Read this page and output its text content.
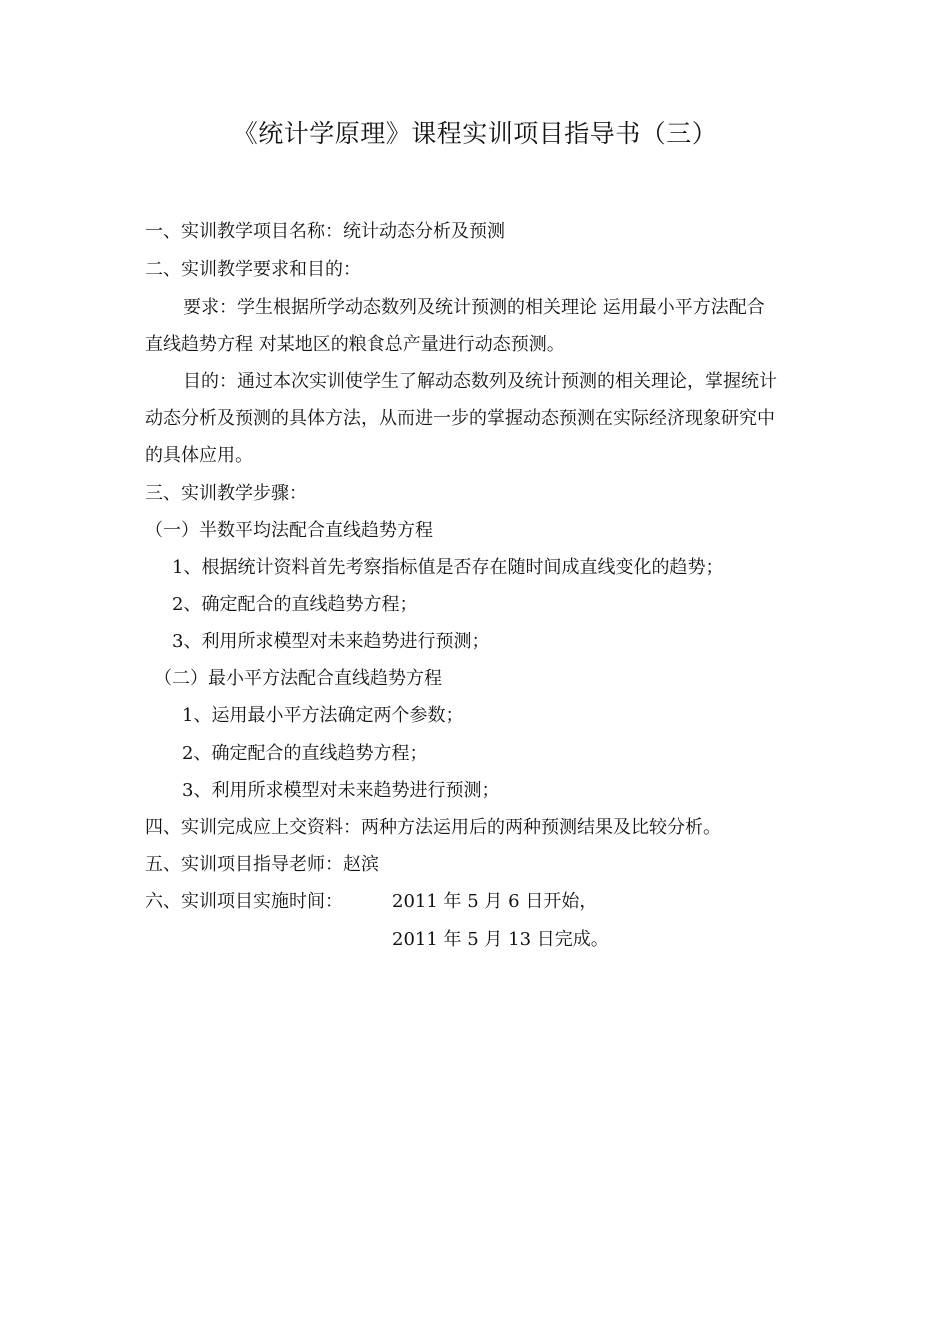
《统计学原理》课程实训项目指导书（三）
一、实训教学项目名称：统计动态分析及预测
二、实训教学要求和目的：
要求：学生根据所学动态数列及统计预测的相关理论 运用最小平方法配合
直线趋势方程 对某地区的粮食总产量进行动态预测。
目的：通过本次实训使学生了解动态数列及统计预测的相关理论，掌握统计
动态分析及预测的具体方法，从而进一步的掌握动态预测在实际经济现象研究中
的具体应用。
三、实训教学步骤：
（一）半数平均法配合直线趋势方程
1、根据统计资料首先考察指标值是否存在随时间成直线变化的趋势；
2、确定配合的直线趋势方程；
3、利用所求模型对未来趋势进行预测；
（二）最小平方法配合直线趋势方程
1、运用最小平方法确定两个参数；
2、确定配合的直线趋势方程；
3、利用所求模型对未来趋势进行预测；
四、实训完成应上交资料：两种方法运用后的两种预测结果及比较分析。
五、实训项目指导老师：赵滨
六、实训项目实施时间：	2011 年 5 月 6 日开始，
2011 年 5 月 13 日完成。
